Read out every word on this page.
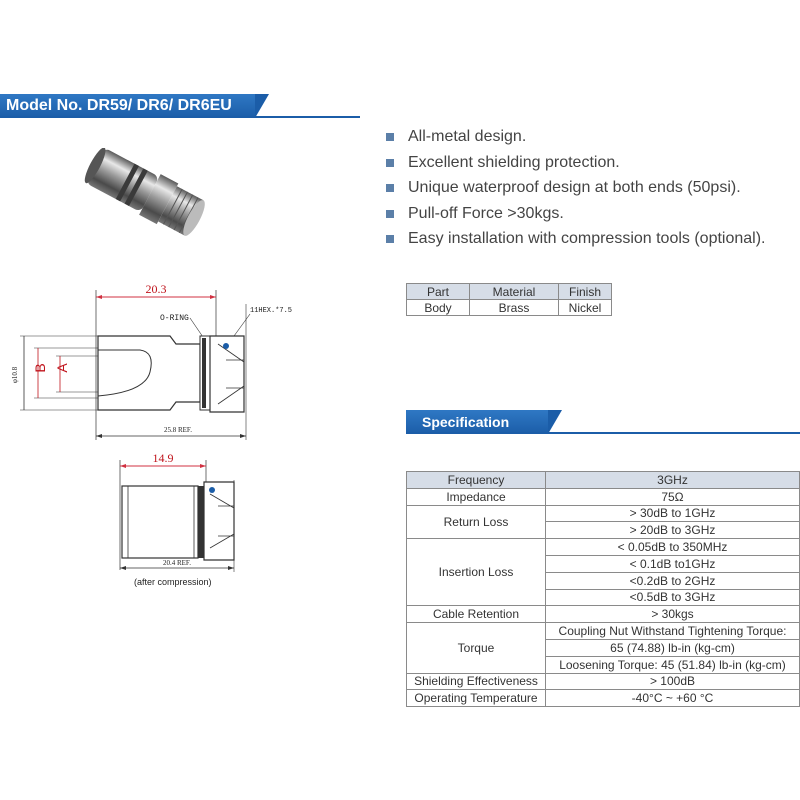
Model No. DR59/ DR6/ DR6EU
All-metal design.
Excellent shielding protection.
Unique waterproof design at both ends (50psi).
Pull-off Force >30kgs.
Easy installation with compression tools (optional).
Part	Material	Finish
Body	Brass	Nickel
Specification
Frequency	3GHz
Impedance	75Ω
Return Loss	> 30dB to 1GHz
	> 20dB to 3GHz
Insertion Loss	< 0.05dB to 350MHz
	< 0.1dB to1GHz
	<0.2dB to 2GHz
	<0.5dB to 3GHz
Cable Retention	> 30kgs
Torque	Coupling Nut Withstand Tightening Torque:
	65 (74.88) lb-in (kg-cm)
	Loosening Torque: 45 (51.84) lb-in (kg-cm)
Shielding Effectiveness	> 100dB
Operating Temperature	-40°C ~ +60 °C
20.3
O-RING
11HEX.*7.5
φ10.8 B A
25.8 REF.
14.9
20.4 REF.
(after compression)
